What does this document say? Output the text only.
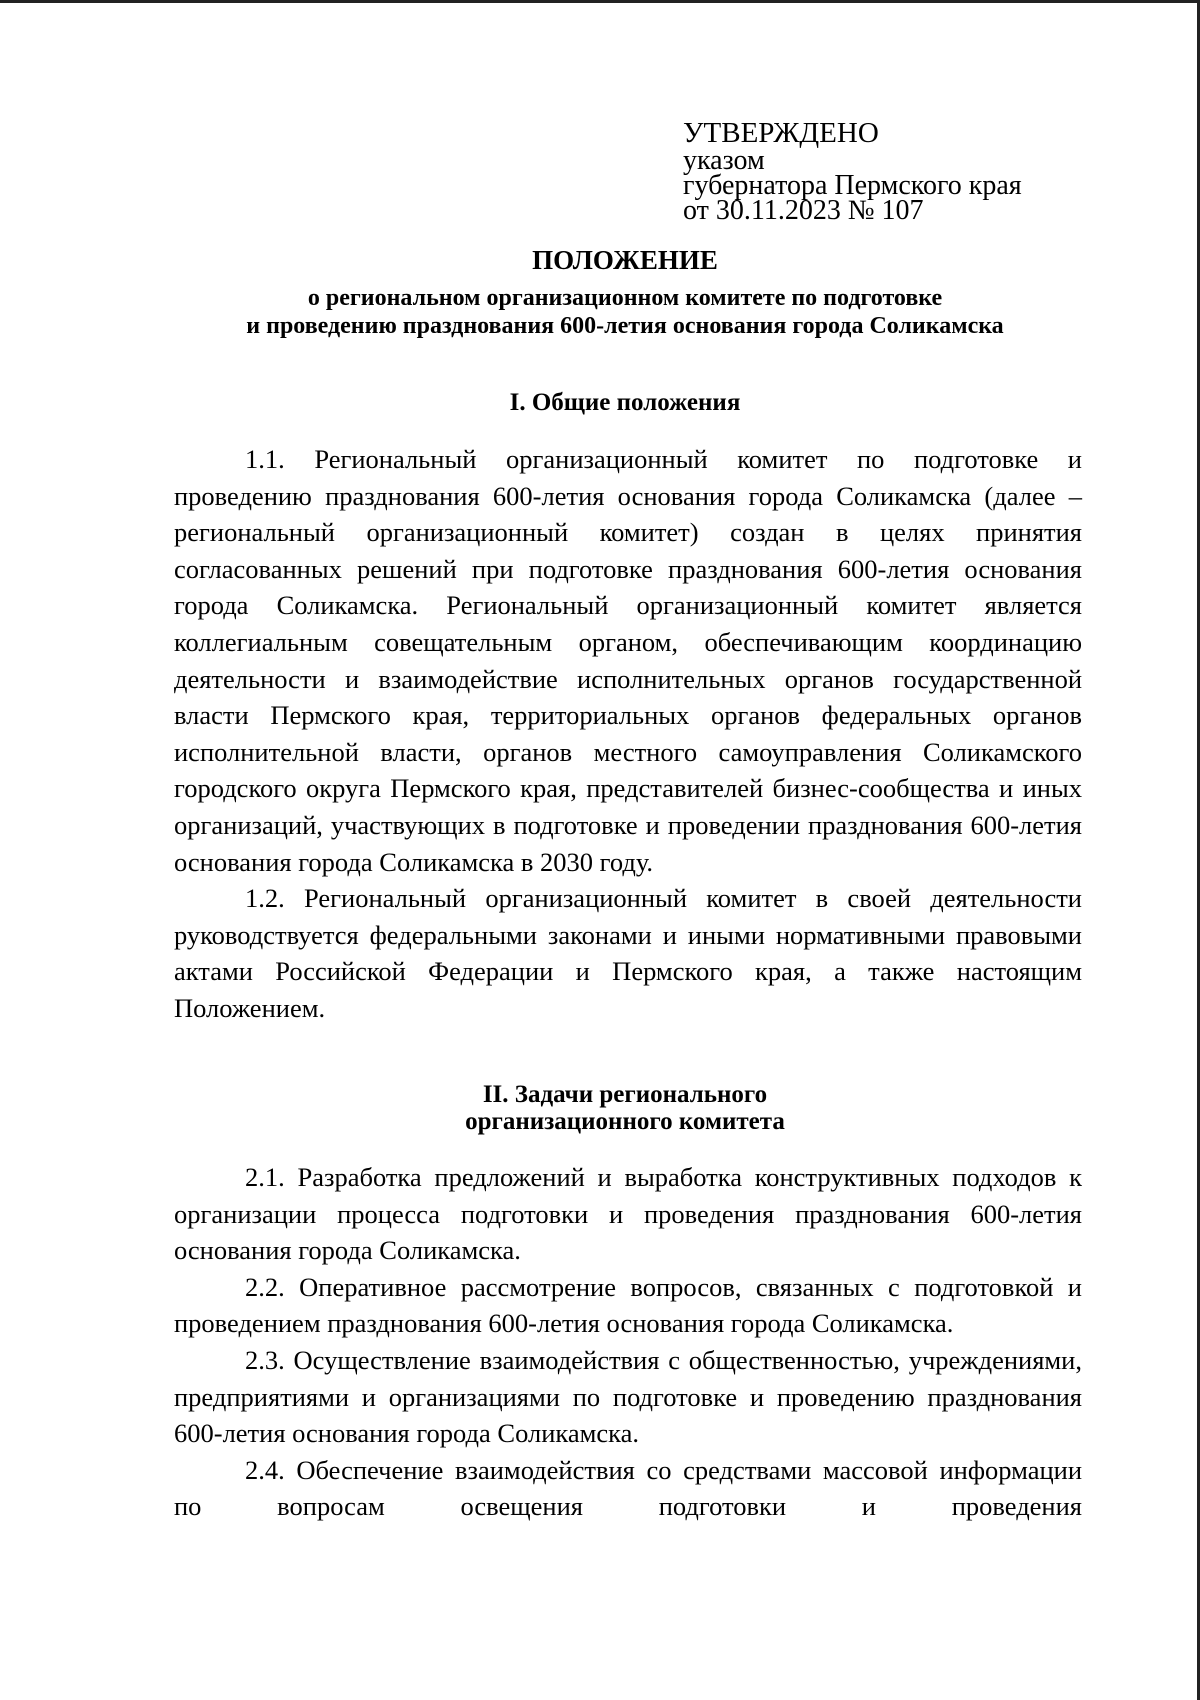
УТВЕРЖДЕНО
указом
губернатора Пермского края
от 30.11.2023 № 107
ПОЛОЖЕНИЕ
о региональном организационном комитете по подготовке
и проведению празднования 600-летия основания города Соликамска
I. Общие положения

1.1. Региональный организационный комитет по подготовке и проведению празднования 600-летия основания города Соликамска (далее – региональный организационный комитет) создан в целях принятия согласованных решений при подготовке празднования 600-летия основания города Соликамска. Региональный организационный комитет является коллегиальным совещательным органом, обеспечивающим координацию деятельности и взаимодействие исполнительных органов государственной власти Пермского края, территориальных органов федеральных органов исполнительной власти, органов местного самоуправления Соликамского городского округа Пермского края, представителей бизнес-сообщества и иных организаций, участвующих в подготовке и проведении празднования 600-летия основания города Соликамска в 2030 году.

1.2. Региональный организационный комитет в своей деятельности руководствуется федеральными законами и иными нормативными правовыми актами Российской Федерации и Пермского края, а также настоящим Положением.

II. Задачи регионального
организационного комитета

2.1. Разработка предложений и выработка конструктивных подходов к организации процесса подготовки и проведения празднования 600-летия основания города Соликамска.

2.2. Оперативное рассмотрение вопросов, связанных с подготовкой и проведением празднования 600-летия основания города Соликамска.

2.3. Осуществление взаимодействия с общественностью, учреждениями, предприятиями и организациями по подготовке и проведению празднования 600-летия основания города Соликамска.

2.4. Обеспечение взаимодействия со средствами массовой информации по вопросам освещения подготовки и проведения
